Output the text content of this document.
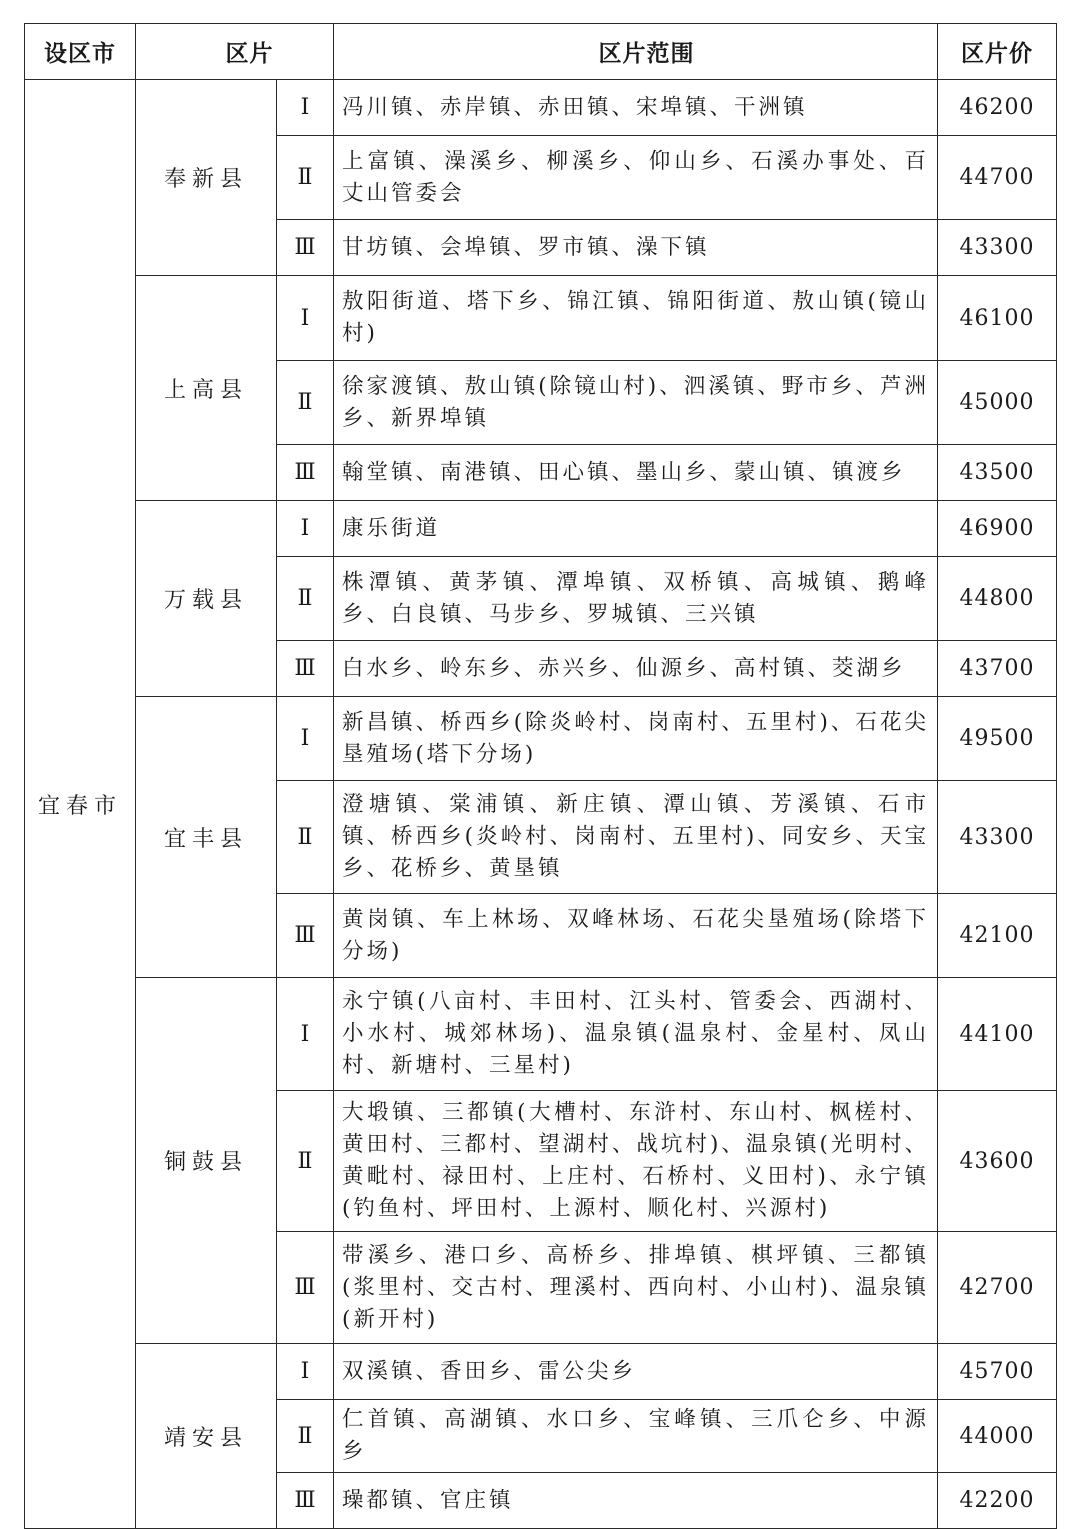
设区市	区片		区片范围	区片价
宜春市	奉新县	Ⅰ	冯川镇、赤岸镇、赤田镇、宋埠镇、干洲镇	46200
		Ⅱ	上富镇、澡溪乡、柳溪乡、仰山乡、石溪办事处、百丈山管委会	44700
		Ⅲ	甘坊镇、会埠镇、罗市镇、澡下镇	43300
	上高县	Ⅰ	敖阳街道、塔下乡、锦江镇、锦阳街道、敖山镇(镜山村)	46100
		Ⅱ	徐家渡镇、敖山镇(除镜山村)、泗溪镇、野市乡、芦洲乡、新界埠镇	45000
		Ⅲ	翰堂镇、南港镇、田心镇、墨山乡、蒙山镇、镇渡乡	43500
	万载县	Ⅰ	康乐街道	46900
		Ⅱ	株潭镇、黄茅镇、潭埠镇、双桥镇、高城镇、鹅峰乡、白良镇、马步乡、罗城镇、三兴镇	44800
		Ⅲ	白水乡、岭东乡、赤兴乡、仙源乡、高村镇、茭湖乡	43700
	宜丰县	Ⅰ	新昌镇、桥西乡(除炎岭村、岗南村、五里村)、石花尖垦殖场(塔下分场)	49500
		Ⅱ	澄塘镇、棠浦镇、新庄镇、潭山镇、芳溪镇、石市镇、桥西乡(炎岭村、岗南村、五里村)、同安乡、天宝乡、花桥乡、黄垦镇	43300
		Ⅲ	黄岗镇、车上林场、双峰林场、石花尖垦殖场(除塔下分场)	42100
	铜鼓县	Ⅰ	永宁镇(八亩村、丰田村、江头村、管委会、西湖村、小水村、城郊林场)、温泉镇(温泉村、金星村、凤山村、新塘村、三星村)	44100
		Ⅱ	大塅镇、三都镇(大槽村、东浒村、东山村、枫槎村、黄田村、三都村、望湖村、战坑村)、温泉镇(光明村、黄毗村、禄田村、上庄村、石桥村、义田村)、永宁镇(钓鱼村、坪田村、上源村、顺化村、兴源村)	43600
		Ⅲ	带溪乡、港口乡、高桥乡、排埠镇、棋坪镇、三都镇(浆里村、交古村、理溪村、西向村、小山村)、温泉镇(新开村)	42700
	靖安县	Ⅰ	双溪镇、香田乡、雷公尖乡	45700
		Ⅱ	仁首镇、高湖镇、水口乡、宝峰镇、三爪仑乡、中源乡	44000
		Ⅲ	璪都镇、官庄镇	42200
